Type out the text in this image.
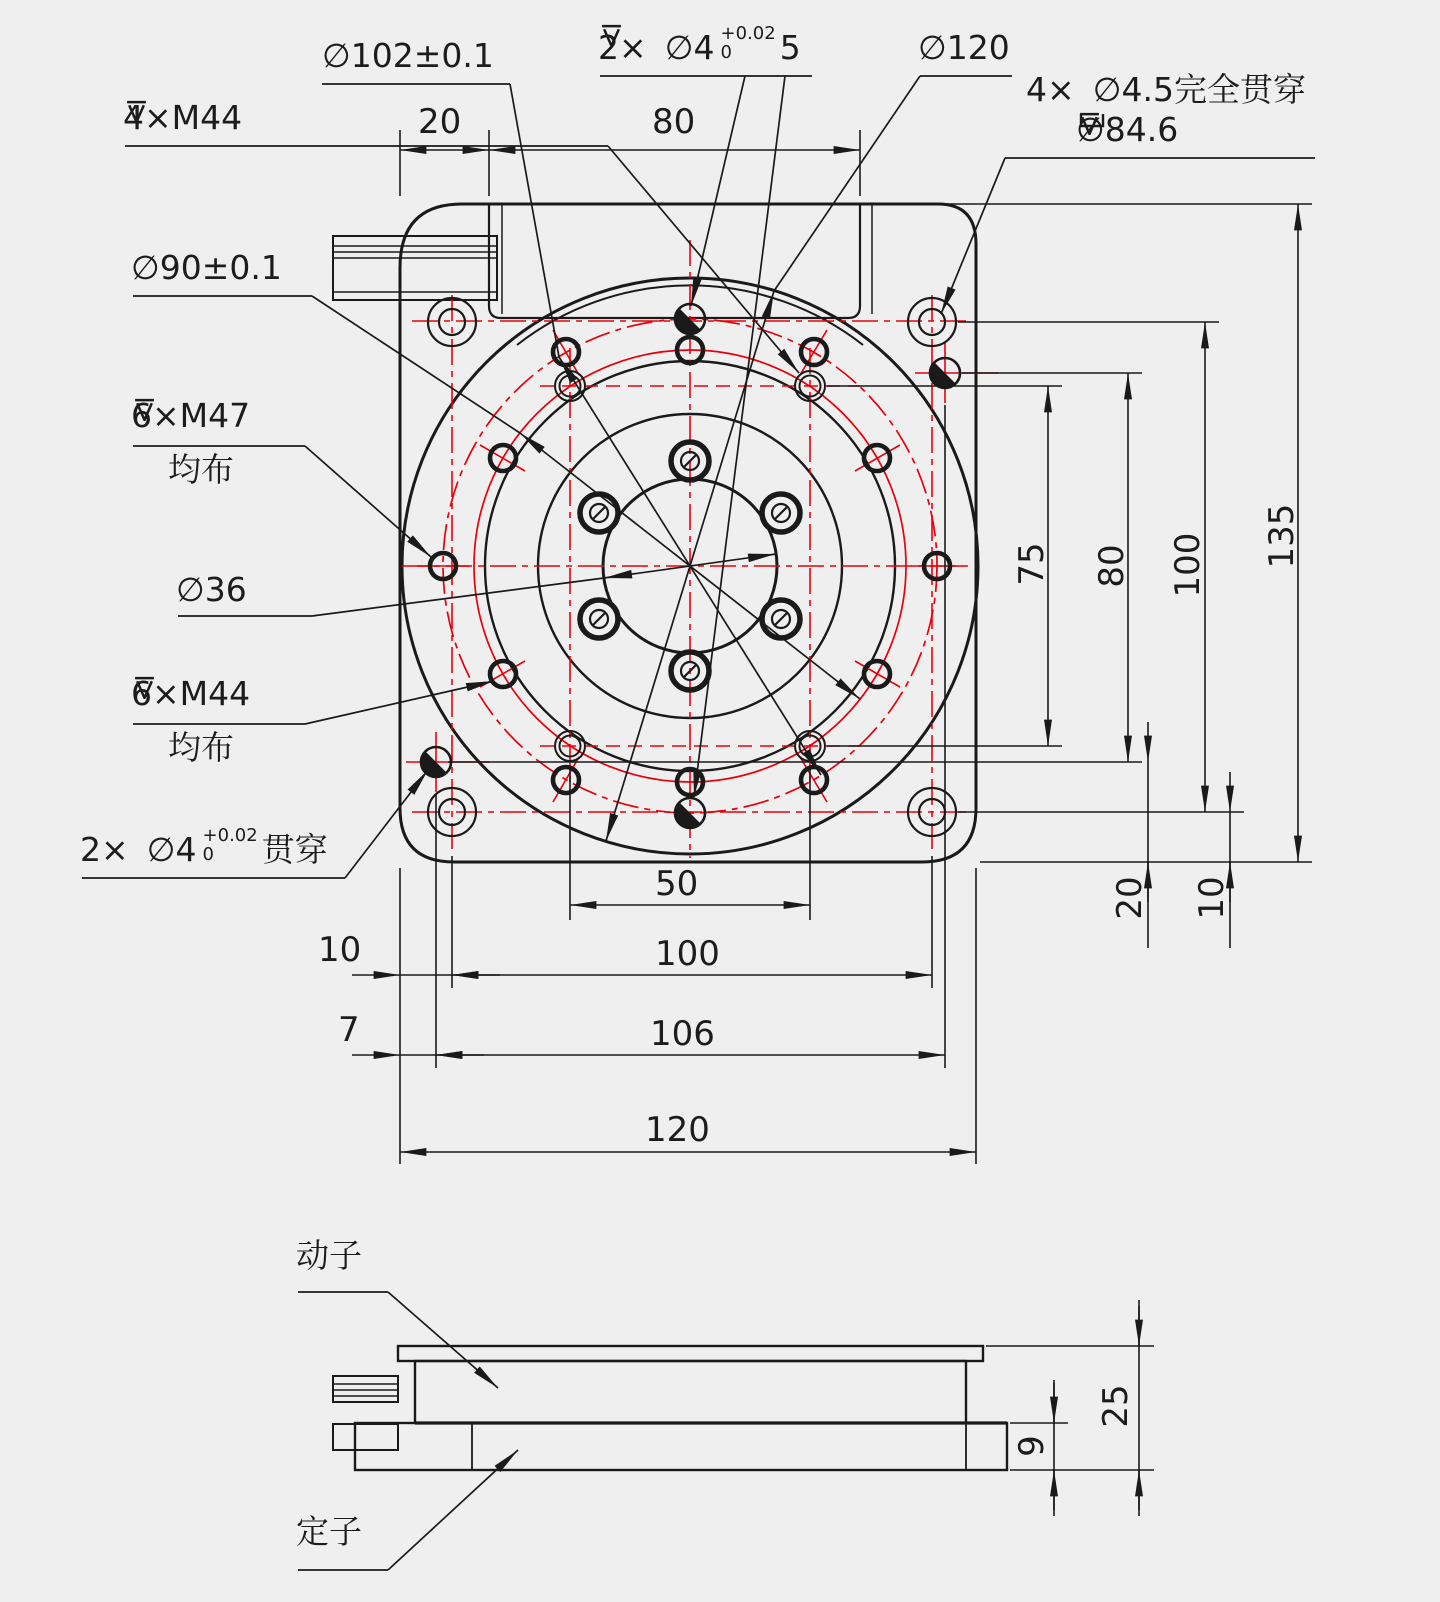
∅102±0.1	2× ∅4 +0.02
0	5	∅120
4× ∅4.5 完全贯穿
∅8 4.6
4×M4 4
∅90±0.1
6×M4 7
均布
∅36
6×M4 4
均布
2× ∅4 +0.02
0	贯穿
动子
定子
20	80
50
10	100
7	106
120
75 80 100 135
20 10
25
9
